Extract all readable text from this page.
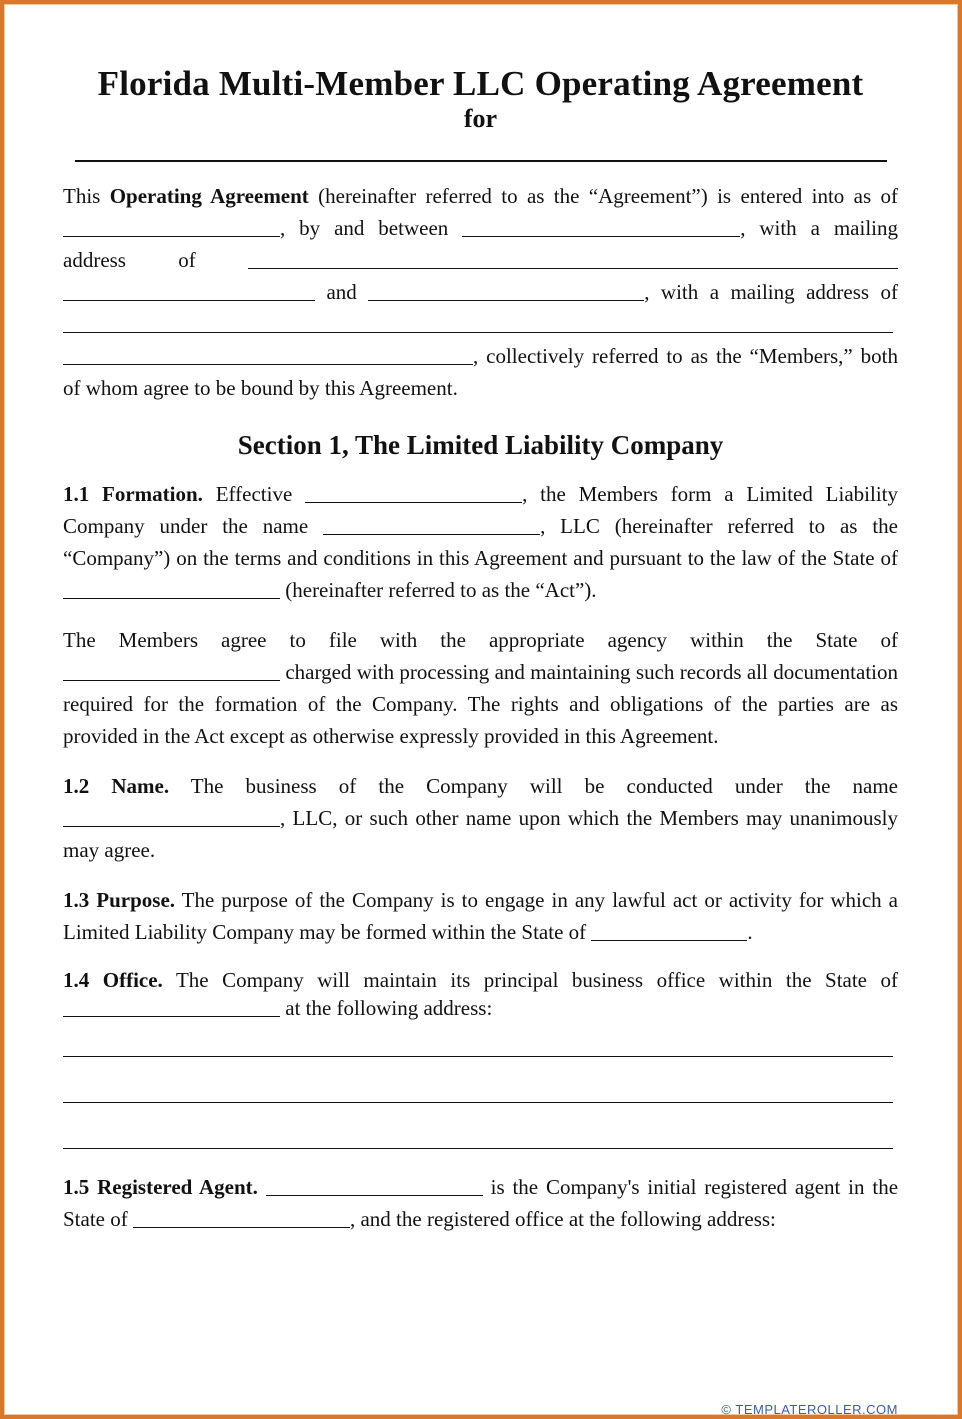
Florida Multi-Member LLC Operating Agreement
for

This Operating Agreement (hereinafter referred to as the “Agreement”) is entered into as of , by and between	, with a mailing address of   and	, with a mailing address of  , collectively referred to as the “Members,” both of whom agree to be bound by this Agreement.

Section 1, The Limited Liability Company

1.1 Formation. Effective	, the Members form a Limited Liability Company under the name	, LLC (hereinafter referred to as the “Company”) on the terms and conditions in this Agreement and pursuant to the law of the State of  (hereinafter referred to as the “Act”).

The Members agree to file with the appropriate agency within the State of  charged with processing and maintaining such records all documentation required for the formation of the Company. The rights and obligations of the parties are as provided in the Act except as otherwise expressly provided in this Agreement.

1.2 Name. The business of the Company will be conducted under the name , LLC, or such other name upon which the Members may unanimously may agree.

1.3 Purpose. The purpose of the Company is to engage in any lawful act or activity for which a Limited Liability Company may be formed within the State of	.

1.4 Office. The Company will maintain its principal business office within the State of  at the following address:

1.5 Registered Agent.	is the Company's initial registered agent in the State of	, and the registered office at the following address:

© TEMPLATEROLLER.COM
